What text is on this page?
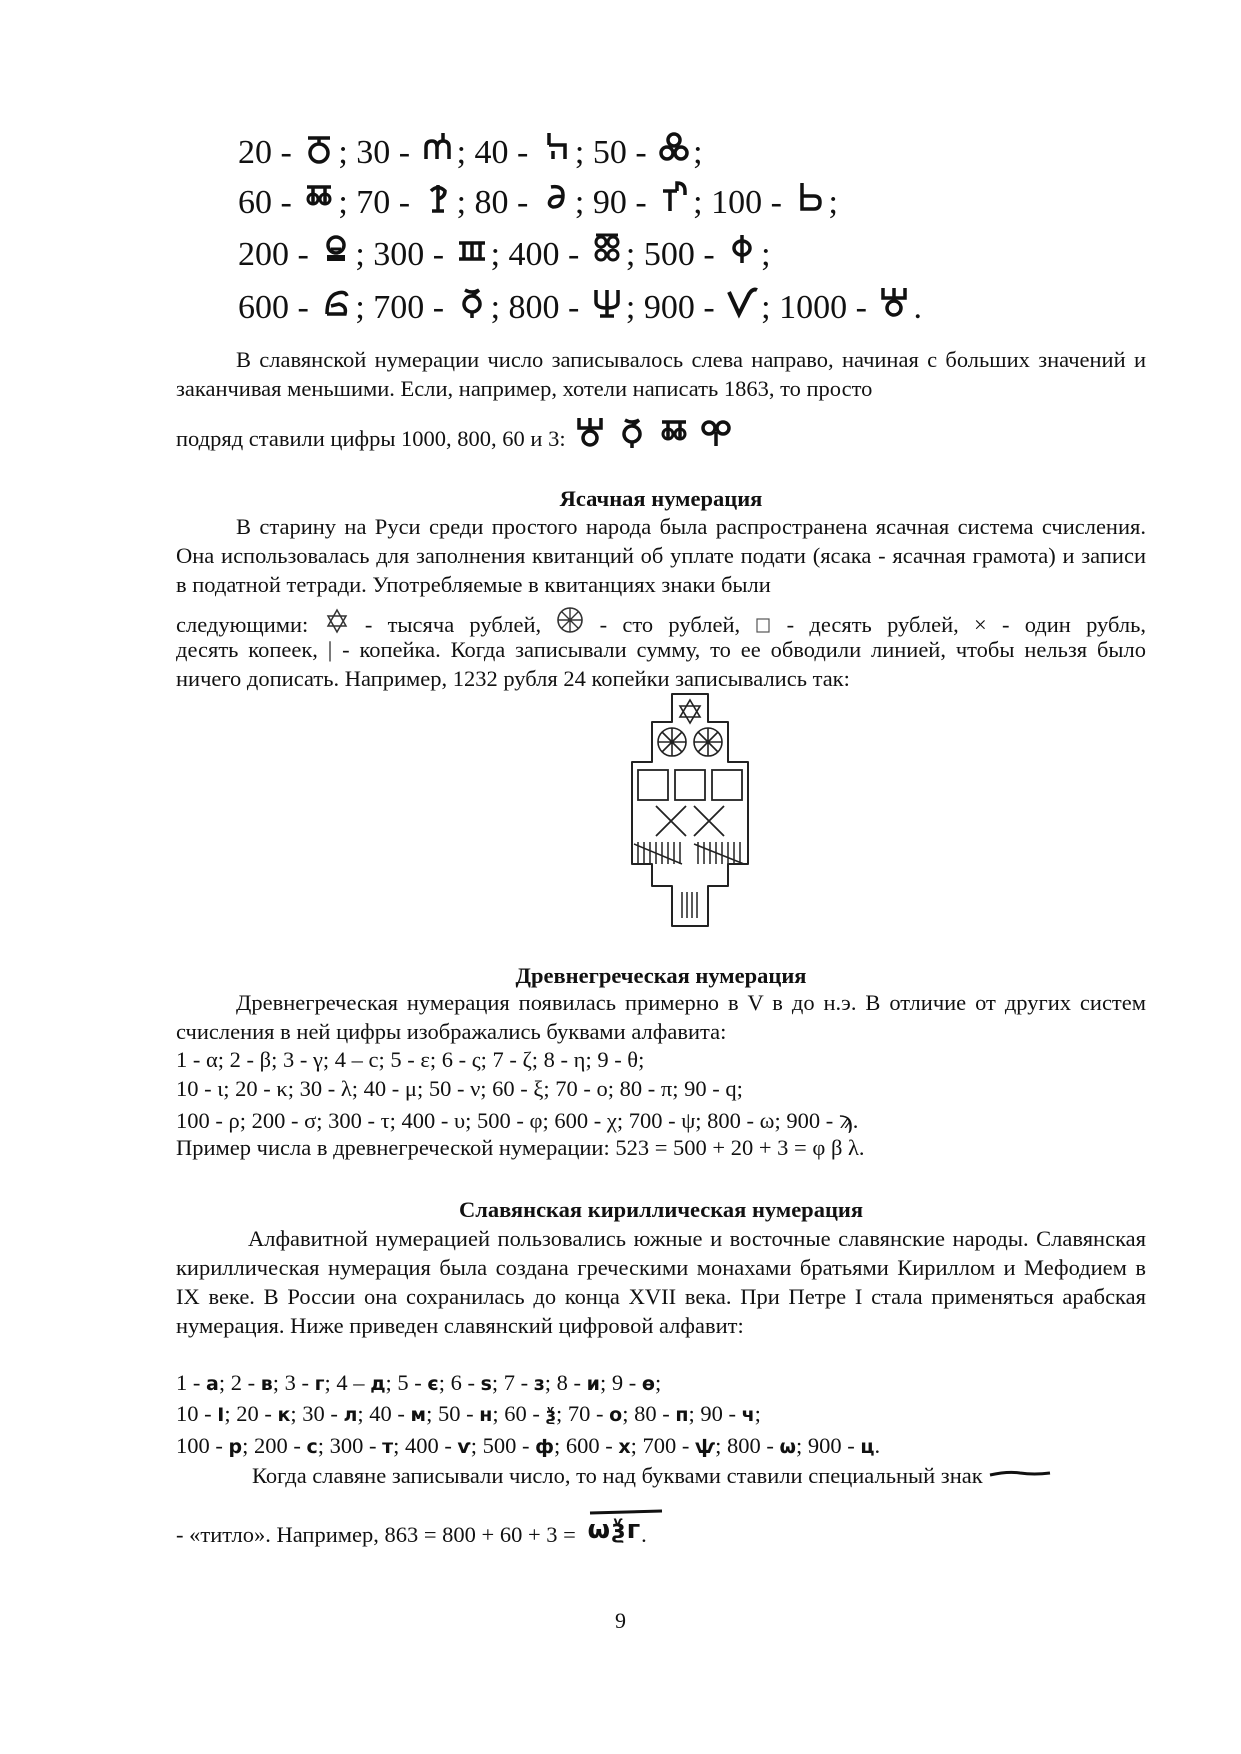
20 -
; 30 -
; 40 -
; 50 -
;
60 -
; 70 -
; 80 -
; 90 -
; 100 -
;
200 -
; 300 -
; 400 -
; 500 -
;
600 -
; 700 -
; 800 -
; 900 -
; 1000 -
.
В славянской нумерации число записывалось слева направо, начиная с больших значений и заканчивая меньшими. Если, например, хотели написать 1863, то просто
подряд ставили цифры 1000, 800, 60 и 3:
Ясачная нумерация
В старину на Руси среди простого народа была распространена ясачная система счисления. Она использовалась для заполнения квитанций об уплате подати (ясака - ясачная грамота) и записи в податной тетради. Употребляемые в квитанциях знаки были
следующими:
- тысяча рублей,
- сто рублей,
- десять рублей, × - один рубль,
десять копеек, | - копейка. Когда записывали сумму, то ее обводили линией, чтобы нельзя было ничего дописать. Например, 1232 рубля 24 копейки записывались так:
Древнегреческая нумерация
Древнегреческая нумерация появилась примерно в V в до н.э. В отличие от других систем счисления в ней цифры изображались буквами алфавита:
1 - α; 2 - β; 3 - γ; 4 – с; 5 - ε; 6 - ς; 7 - ζ; 8 - η; 9 - θ;
10 - ι; 20 - κ; 30 - λ; 40 - μ; 50 - ν; 60 - ξ; 70 - ο; 80 - π; 90 - q;
100 - ρ; 200 - σ; 300 - τ; 400 - υ; 500 - φ; 600 - χ; 700 - ψ; 800 - ω; 900 - ϡ.
Пример числа в древнегреческой нумерации: 523 = 500 + 20 + 3 = φ β λ.
Славянская кириллическая нумерация
Алфавитной нумерацией пользовались южные и восточные славянские народы. Славянская кириллическая нумерация была создана греческими монахами братьями Кириллом и Мефодием в IX веке. В России она сохранилась до конца XVII века. При Петре I стала применяться арабская нумерация. Ниже приведен славянский цифровой алфавит:
1 - а; 2 - в; 3 - г; 4 – д; 5 - є; 6 - ѕ; 7 - з; 8 - и; 9 - ѳ;
10 - І; 20 - к; 30 - л; 40 - м; 50 - н; 60 - ѯ; 70 - о; 80 - п; 90 - ч;
100 - р; 200 - с; 300 - т; 400 - ѵ; 500 - ф; 600 - х; 700 - ѱ; 800 - ѡ; 900 - ц.
Когда славяне записывали число, то над буквами ставили специальный знак
- «титло». Например, 863 = 800 + 60 + 3 = ѡѯг.
9
